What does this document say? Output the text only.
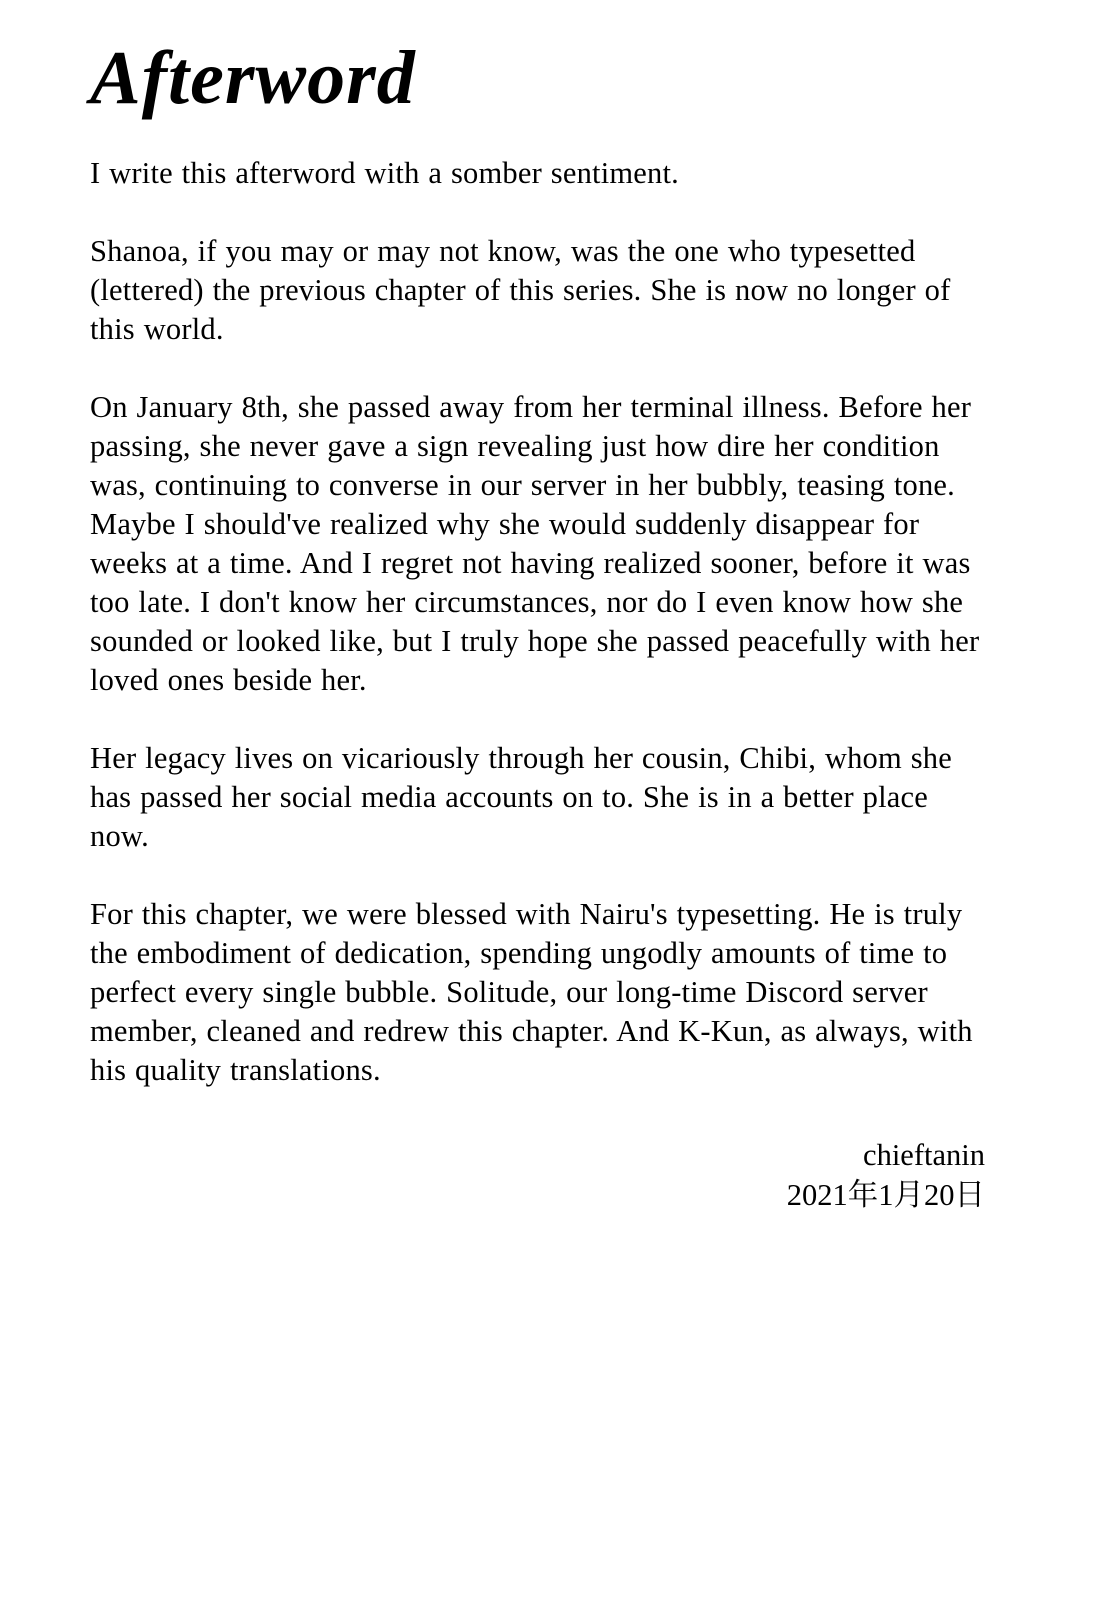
Afterword

I write this afterword with a somber sentiment.

Shanoa, if you may or may not know, was the one who typesetted (lettered) the previous chapter of this series. She is now no longer of this world.

On January 8th, she passed away from her terminal illness. Before her passing, she never gave a sign revealing just how dire her condition was, continuing to converse in our server in her bubbly, teasing tone. Maybe I should've realized why she would suddenly disappear for weeks at a time. And I regret not having realized sooner, before it was too late. I don't know her circumstances, nor do I even know how she sounded or looked like, but I truly hope she passed peacefully with her loved ones beside her.

Her legacy lives on vicariously through her cousin, Chibi, whom she has passed her social media accounts on to. She is in a better place now.

For this chapter, we were blessed with Nairu's typesetting. He is truly the embodiment of dedication, spending ungodly amounts of time to perfect every single bubble. Solitude, our long-time Discord server member, cleaned and redrew this chapter. And K-Kun, as always, with his quality translations.

chieftanin
2021年1月20日
